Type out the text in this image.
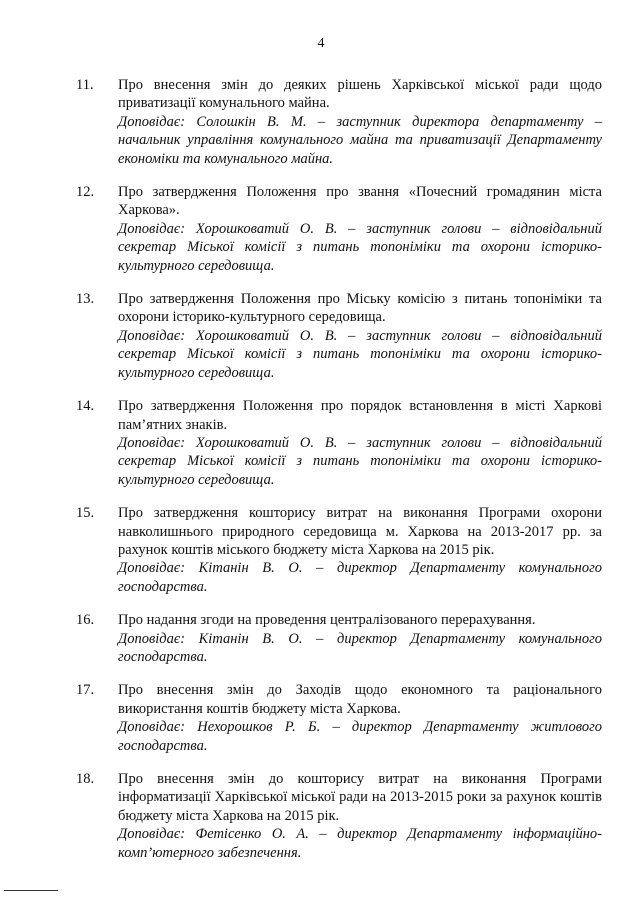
4
11. Про внесення змін до деяких рішень Харківської міської ради щодо приватизації комунального майна.
Доповідає: Солошкін В. М. – заступник директора департаменту – начальник управління комунального майна та приватизації Департаменту економіки та комунального майна.
12. Про затвердження Положення про звання «Почесний громадянин міста Харкова».
Доповідає: Хорошковатий О. В. – заступник голови – відповідальний секретар Міської комісії з питань топоніміки та охорони історико-культурного середовища.
13. Про затвердження Положення про Міську комісію з питань топоніміки та охорони історико-культурного середовища.
Доповідає: Хорошковатий О. В. – заступник голови – відповідальний секретар Міської комісії з питань топоніміки та охорони історико-культурного середовища.
14. Про затвердження Положення про порядок встановлення в місті Харкові пам’ятних знаків.
Доповідає: Хорошковатий О. В. – заступник голови – відповідальний секретар Міської комісії з питань топоніміки та охорони історико-культурного середовища.
15. Про затвердження кошторису витрат на виконання Програми охорони навколишнього природного середовища м. Харкова на 2013-2017 рр. за рахунок коштів міського бюджету міста Харкова на 2015 рік.
Доповідає: Кітанін В. О. – директор Департаменту комунального господарства.
16. Про надання згоди на проведення централізованого перерахування.
Доповідає: Кітанін В. О. – директор Департаменту комунального господарства.
17. Про внесення змін до Заходів щодо економного та раціонального використання коштів бюджету міста Харкова.
Доповідає: Нехорошков Р. Б. – директор Департаменту житлового господарства.
18. Про внесення змін до кошторису витрат на виконання Програми інформатизації Харківської міської ради на 2013-2015 роки за рахунок коштів бюджету міста Харкова на 2015 рік.
Доповідає: Фетісенко О. А. – директор Департаменту інформаційно-комп’ютерного забезпечення.
